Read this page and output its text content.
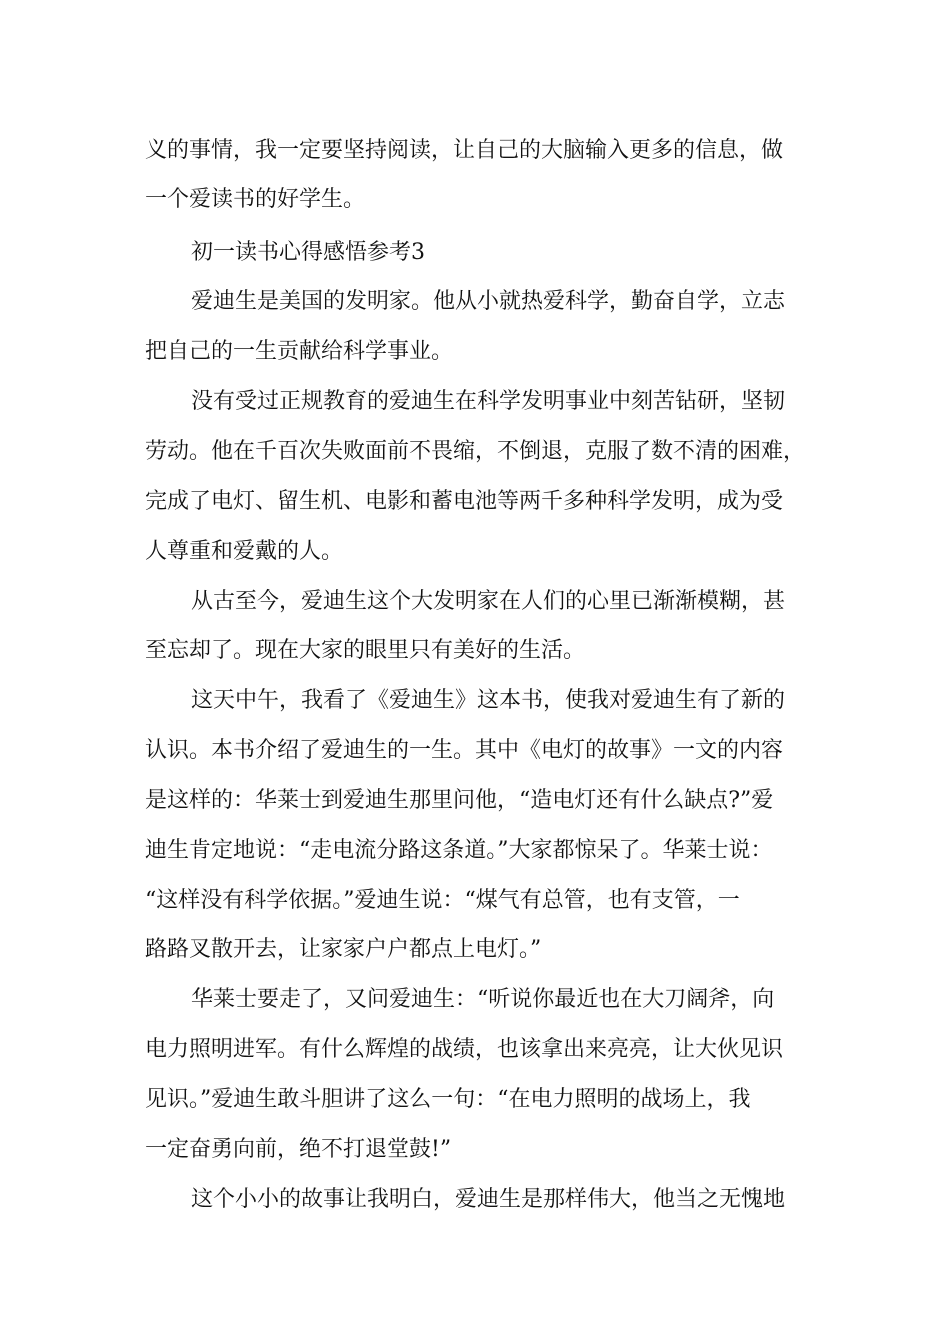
义的事情，我一定要坚持阅读，让自己的大脑输入更多的信息，做
一个爱读书的好学生。
初一读书心得感悟参考3
爱迪生是美国的发明家。他从小就热爱科学，勤奋自学，立志
把自己的一生贡献给科学事业。
没有受过正规教育的爱迪生在科学发明事业中刻苦钻研，坚韧
劳动。他在千百次失败面前不畏缩，不倒退，克服了数不清的困难，
完成了电灯、留生机、电影和蓄电池等两千多种科学发明，成为受
人尊重和爱戴的人。
从古至今，爱迪生这个大发明家在人们的心里已渐渐模糊，甚
至忘却了。现在大家的眼里只有美好的生活。
这天中午，我看了《爱迪生》这本书，使我对爱迪生有了新的
认识。本书介绍了爱迪生的一生。其中《电灯的故事》一文的内容
是这样的：华莱士到爱迪生那里问他，“造电灯还有什么缺点?”爱
迪生肯定地说：“走电流分路这条道。”大家都惊呆了。华莱士说：
“这样没有科学依据。”爱迪生说：“煤气有总管，也有支管，一
路路叉散开去，让家家户户都点上电灯。”
华莱士要走了，又问爱迪生：“听说你最近也在大刀阔斧，向
电力照明进军。有什么辉煌的战绩，也该拿出来亮亮，让大伙见识
见识。”爱迪生敢斗胆讲了这么一句：“在电力照明的战场上，我
一定奋勇向前，绝不打退堂鼓!”
这个小小的故事让我明白，爱迪生是那样伟大，他当之无愧地
